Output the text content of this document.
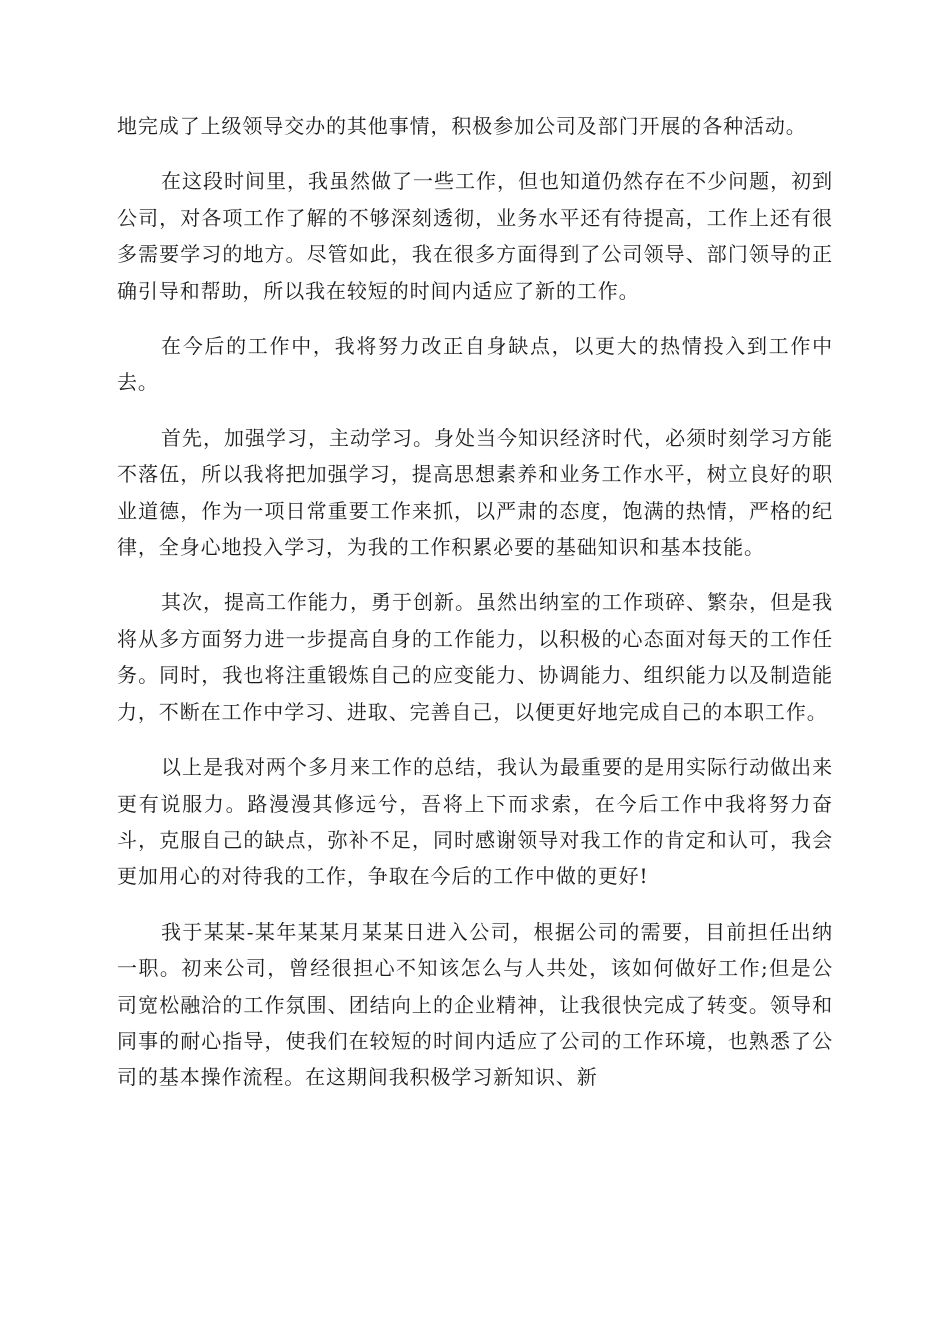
地完成了上级领导交办的其他事情，积极参加公司及部门开展的各种活动。

在这段时间里，我虽然做了一些工作，但也知道仍然存在不少问题，初到公司，对各项工作了解的不够深刻透彻，业务水平还有待提高，工作上还有很多需要学习的地方。尽管如此，我在很多方面得到了公司领导、部门领导的正确引导和帮助，所以我在较短的时间内适应了新的工作。

在今后的工作中，我将努力改正自身缺点，以更大的热情投入到工作中去。

首先，加强学习，主动学习。身处当今知识经济时代，必须时刻学习方能不落伍，所以我将把加强学习，提高思想素养和业务工作水平，树立良好的职业道德，作为一项日常重要工作来抓，以严肃的态度，饱满的热情，严格的纪律，全身心地投入学习，为我的工作积累必要的基础知识和基本技能。

其次，提高工作能力，勇于创新。虽然出纳室的工作琐碎、繁杂，但是我将从多方面努力进一步提高自身的工作能力，以积极的心态面对每天的工作任务。同时，我也将注重锻炼自己的应变能力、协调能力、组织能力以及制造能力，不断在工作中学习、进取、完善自己，以便更好地完成自己的本职工作。

以上是我对两个多月来工作的总结，我认为最重要的是用实际行动做出来更有说服力。路漫漫其修远兮，吾将上下而求索，在今后工作中我将努力奋斗，克服自己的缺点，弥补不足，同时感谢领导对我工作的肯定和认可，我会更加用心的对待我的工作，争取在今后的工作中做的更好!

我于某某-某年某某月某某日进入公司，根据公司的需要，目前担任出纳一职。初来公司，曾经很担心不知该怎么与人共处，该如何做好工作;但是公司宽松融洽的工作氛围、团结向上的企业精神，让我很快完成了转变。领导和同事的耐心指导，使我们在较短的时间内适应了公司的工作环境，也熟悉了公司的基本操作流程。在这期间我积极学习新知识、新
